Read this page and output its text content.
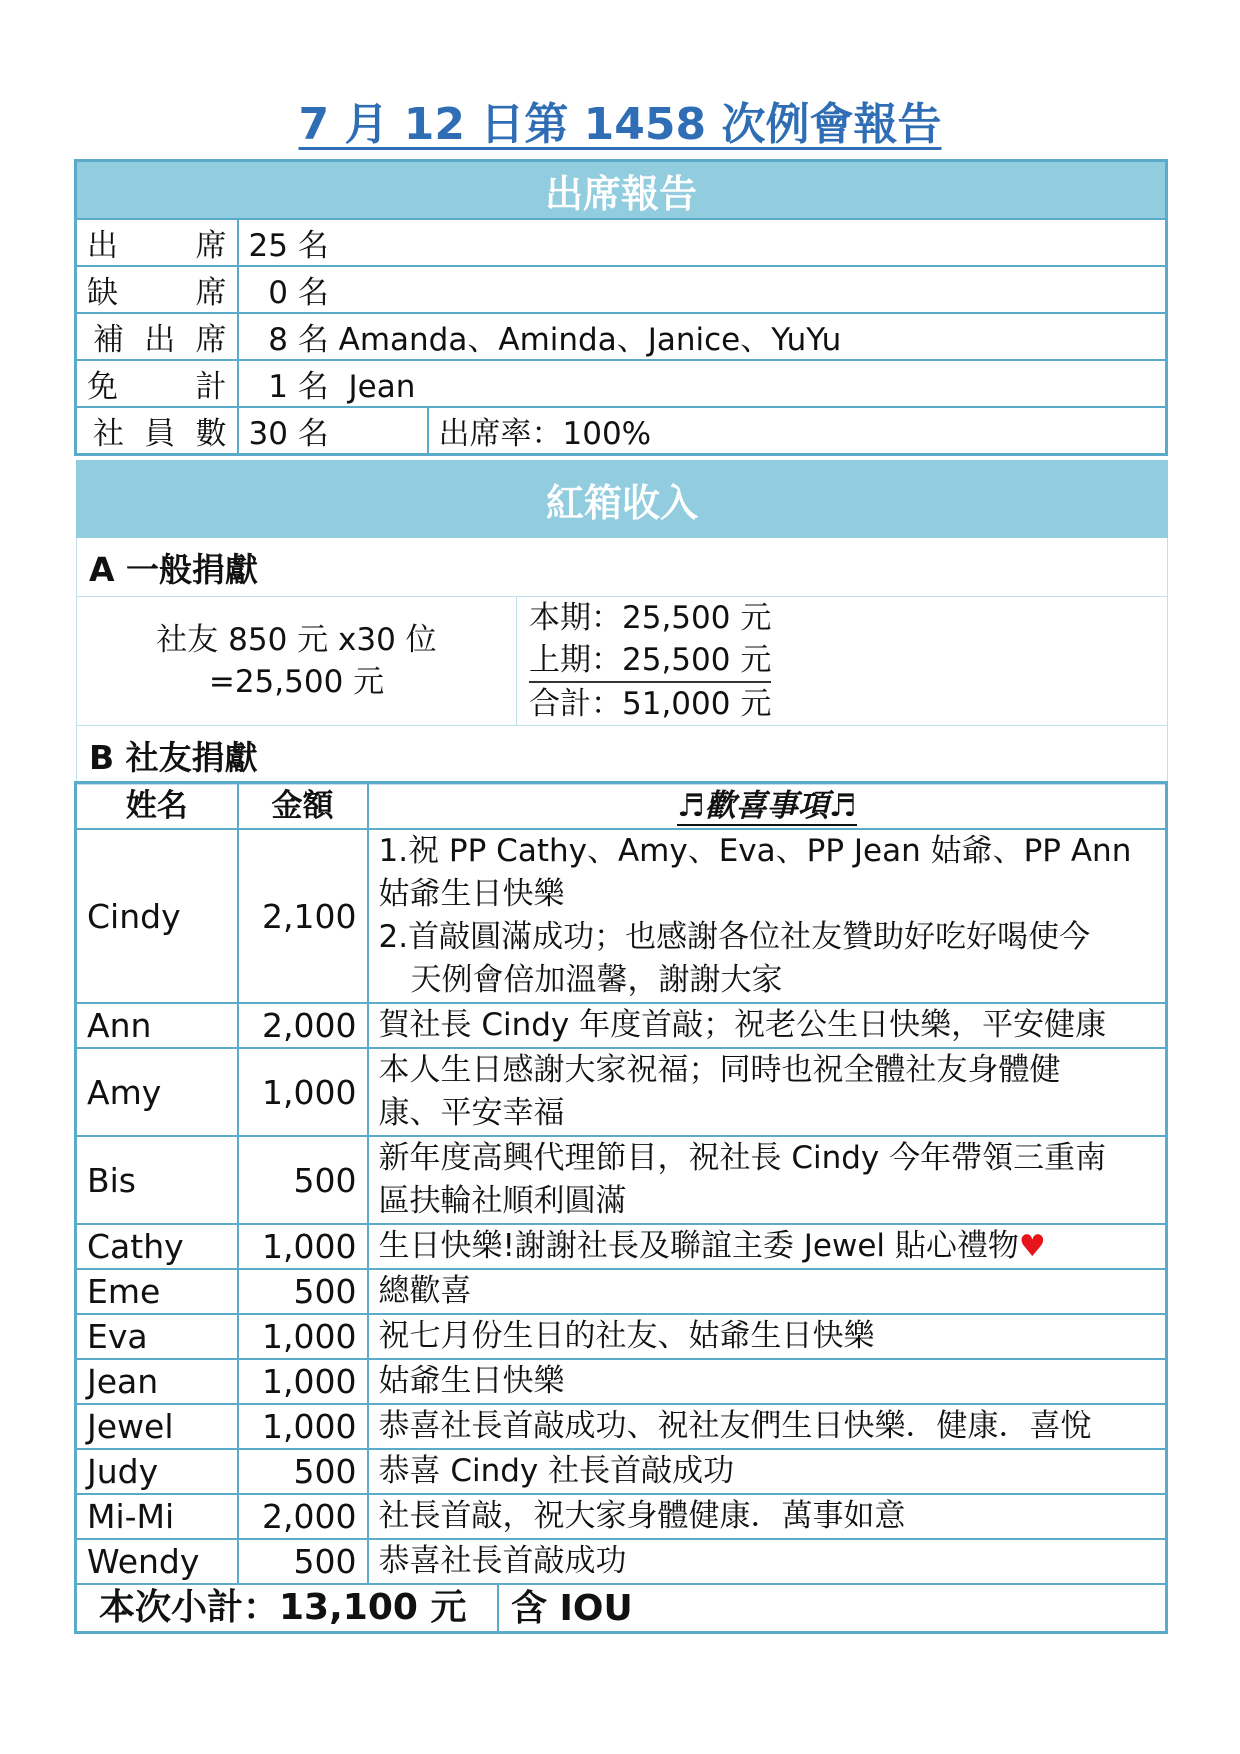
7 月 12 日第 1458 次例會報告
出席報告		

出 席	25 名	

缺 席	0 名	

補 出 席	8 名 Amanda、Aminda、Janice、YuYu	

免 計	1 名  Jean	

社 員 數	30 名	出席率：100%
紅箱收入
A 一般捐獻

社友 850 元 x30 位=25,500 元

本期：25,500 元
上期：25,500 元
合計：51,000 元

B 社友捐獻
姓名	金額	♬歡喜事項♬
Cindy	2,100	1.祝 PP Cathy、Amy、Eva、PP Jean 姑爺、PP Ann
姑爺生日快樂
2.首敲圓滿成功；也感謝各位社友贊助好吃好喝使今
天例會倍加溫馨，謝謝大家

Ann	2,000	賀社長 Cindy 年度首敲；祝老公生日快樂，平安健康

Amy	1,000	本人生日感謝大家祝福；同時也祝全體社友身體健
康、平安幸福

Bis	500	新年度高興代理節目，祝社長 Cindy 今年帶領三重南
區扶輪社順利圓滿

Cathy	1,000	生日快樂!謝謝社長及聯誼主委 Jewel 貼心禮物♥
Eme	500	總歡喜

Eva	1,000	祝七月份生日的社友、姑爺生日快樂

Jean	1,000	姑爺生日快樂

Jewel	1,000	恭喜社長首敲成功、祝社友們生日快樂．健康．喜悅

Judy	500	恭喜 Cindy 社長首敲成功

Mi-Mi	2,000	社長首敲，祝大家身體健康．萬事如意

Wendy	500	恭喜社長首敲成功

本次小計：13,100 元 含 IOU		
